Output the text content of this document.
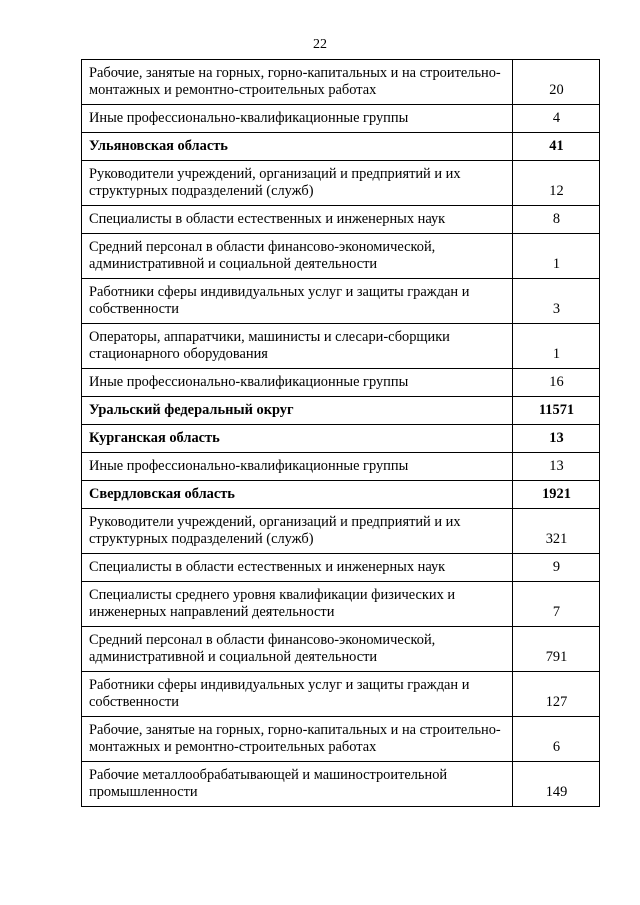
22
Рабочие, занятые на горных, горно-капитальных и на строительно-монтажных и ремонтно-строительных работах	20
Иные профессионально-квалификационные группы	4
Ульяновская область	41
Руководители учреждений, организаций и предприятий и их структурных подразделений (служб)	12
Специалисты в области естественных и инженерных наук	8
Средний персонал в области финансово-экономической, административной и социальной деятельности	1
Работники сферы индивидуальных услуг и защиты граждан и собственности	3
Операторы, аппаратчики, машинисты и слесари-сборщики стационарного оборудования	1
Иные профессионально-квалификационные группы	16
Уральский федеральный округ	11571
Курганская область	13
Иные профессионально-квалификационные группы	13
Свердловская область	1921
Руководители учреждений, организаций и предприятий и их структурных подразделений (служб)	321
Специалисты в области естественных и инженерных наук	9
Специалисты среднего уровня квалификации физических и инженерных направлений деятельности	7
Средний персонал в области финансово-экономической, административной и социальной деятельности	791
Работники сферы индивидуальных услуг и защиты граждан и собственности	127
Рабочие, занятые на горных, горно-капитальных и на строительно-монтажных и ремонтно-строительных работах	6
Рабочие металлообрабатывающей и машиностроительной промышленности	149
